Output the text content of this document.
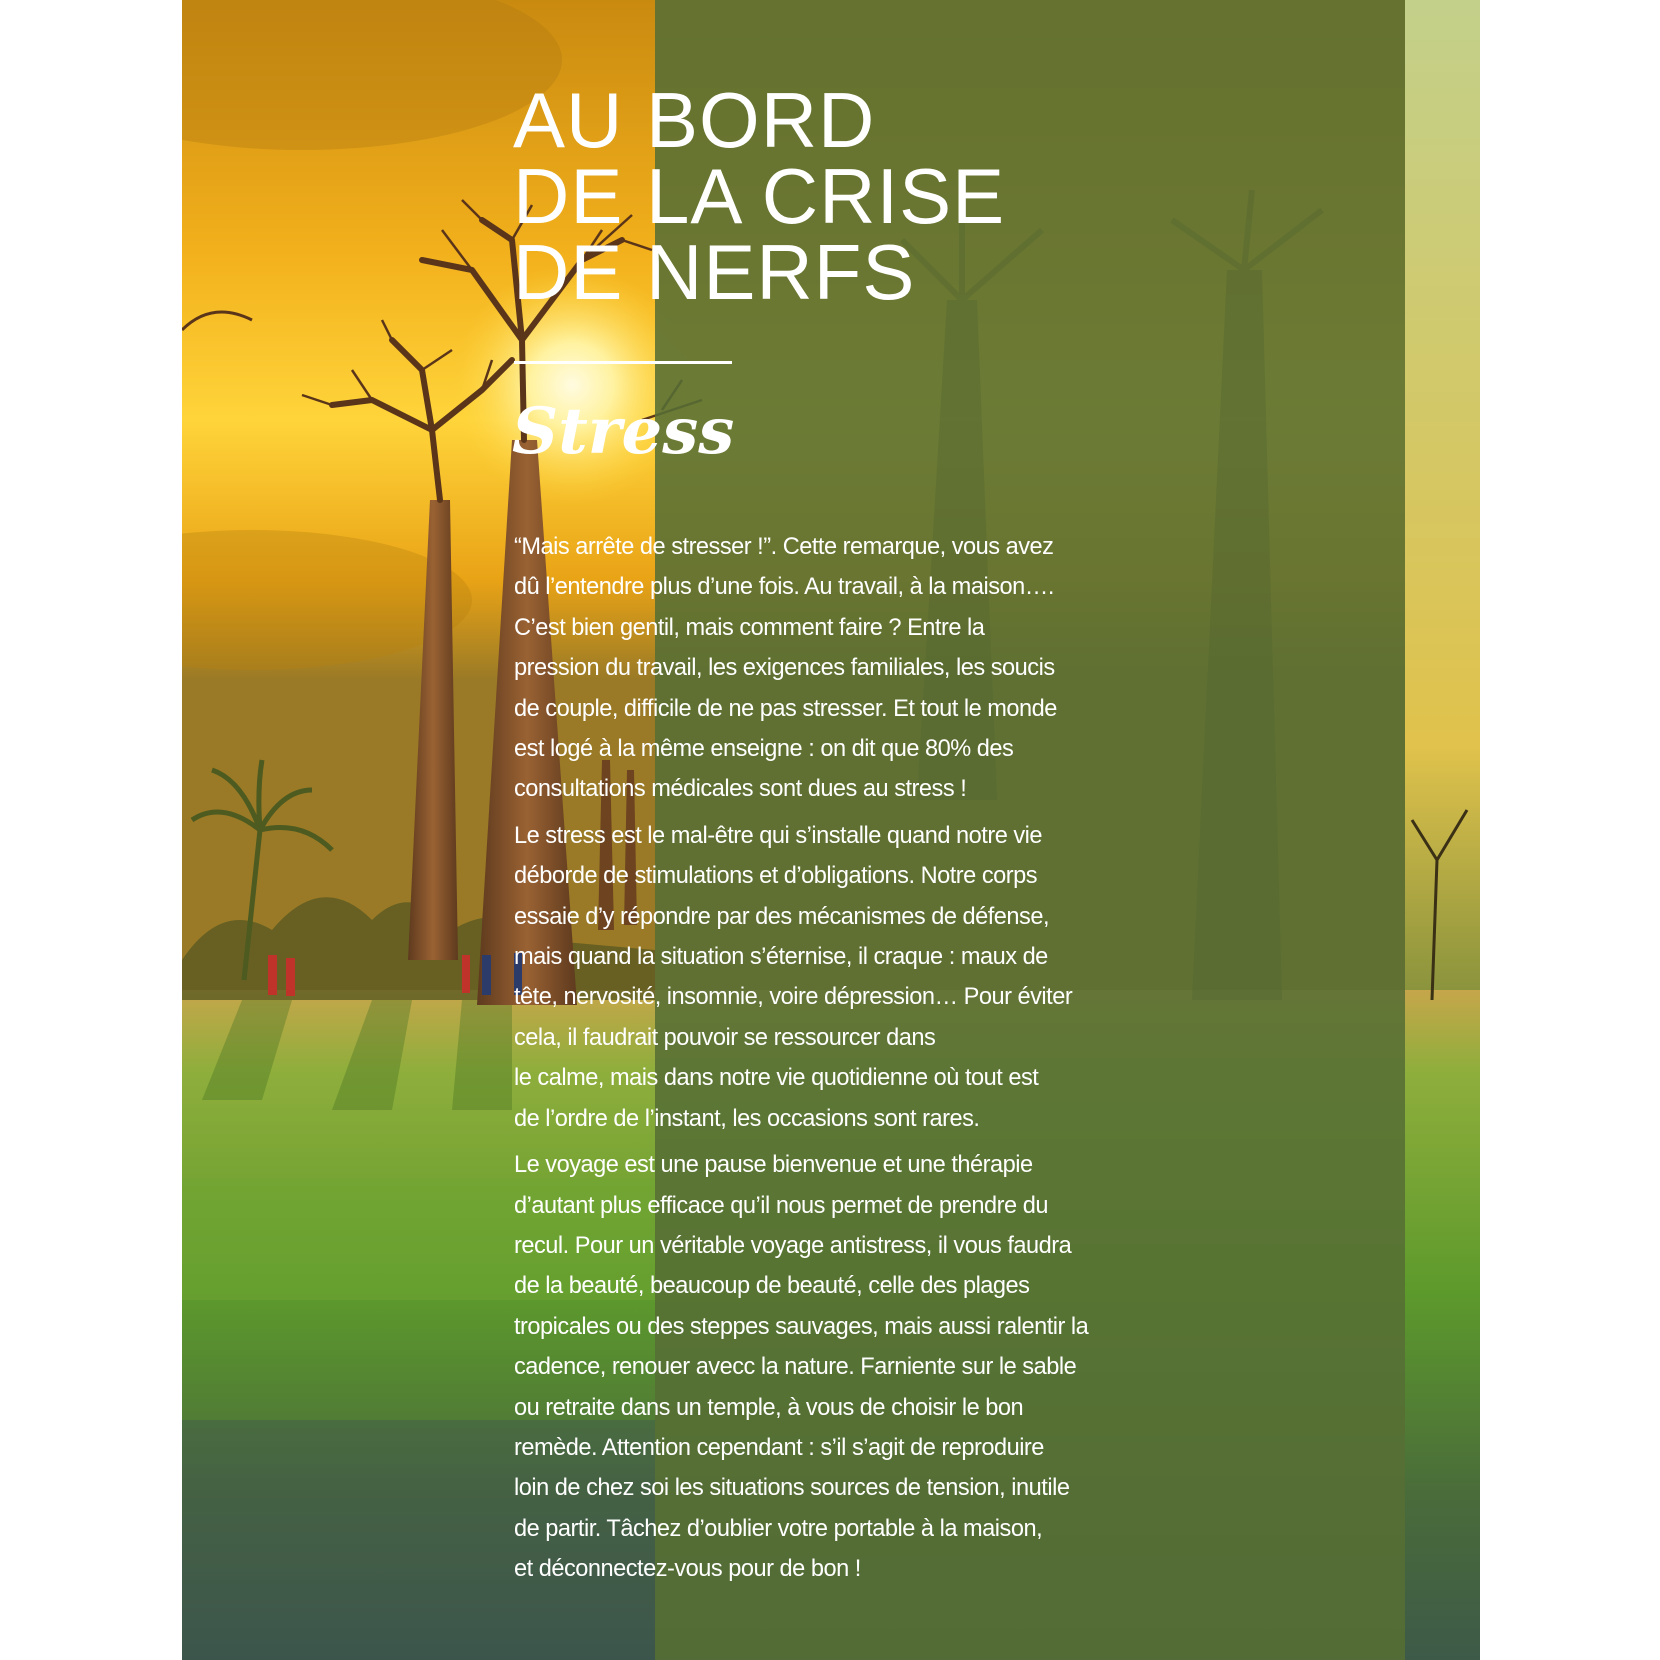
AU BORD
DE LA CRISE
DE NERFS
Stress

“Mais arrête de stresser !”. Cette remarque, vous avez
dû l’entendre plus d’une fois. Au travail, à la maison….
C’est bien gentil, mais comment faire ? Entre la
pression du travail, les exigences familiales, les soucis
de couple, difficile de ne pas stresser. Et tout le monde
est logé à la même enseigne : on dit que 80% des
consultations médicales sont dues au stress !

Le stress est le mal-être qui s’installe quand notre vie
déborde de stimulations et d’obligations. Notre corps
essaie d’y répondre par des mécanismes de défense,
mais quand la situation s’éternise, il craque : maux de
tête, nervosité, insomnie, voire dépression… Pour éviter
cela, il faudrait pouvoir se ressourcer dans
le calme, mais dans notre vie quotidienne où tout est
de l’ordre de l’instant, les occasions sont rares.

Le voyage est une pause bienvenue et une thérapie
d’autant plus efficace qu’il nous permet de prendre du
recul. Pour un véritable voyage antistress, il vous faudra
de la beauté, beaucoup de beauté, celle des plages
tropicales ou des steppes sauvages, mais aussi ralentir la
cadence, renouer avecc la nature. Farniente sur le sable
ou retraite dans un temple, à vous de choisir le bon
remède. Attention cependant : s’il s’agit de reproduire
loin de chez soi les situations sources de tension, inutile
de partir. Tâchez d’oublier votre portable à la maison,
et déconnectez-vous pour de bon !
